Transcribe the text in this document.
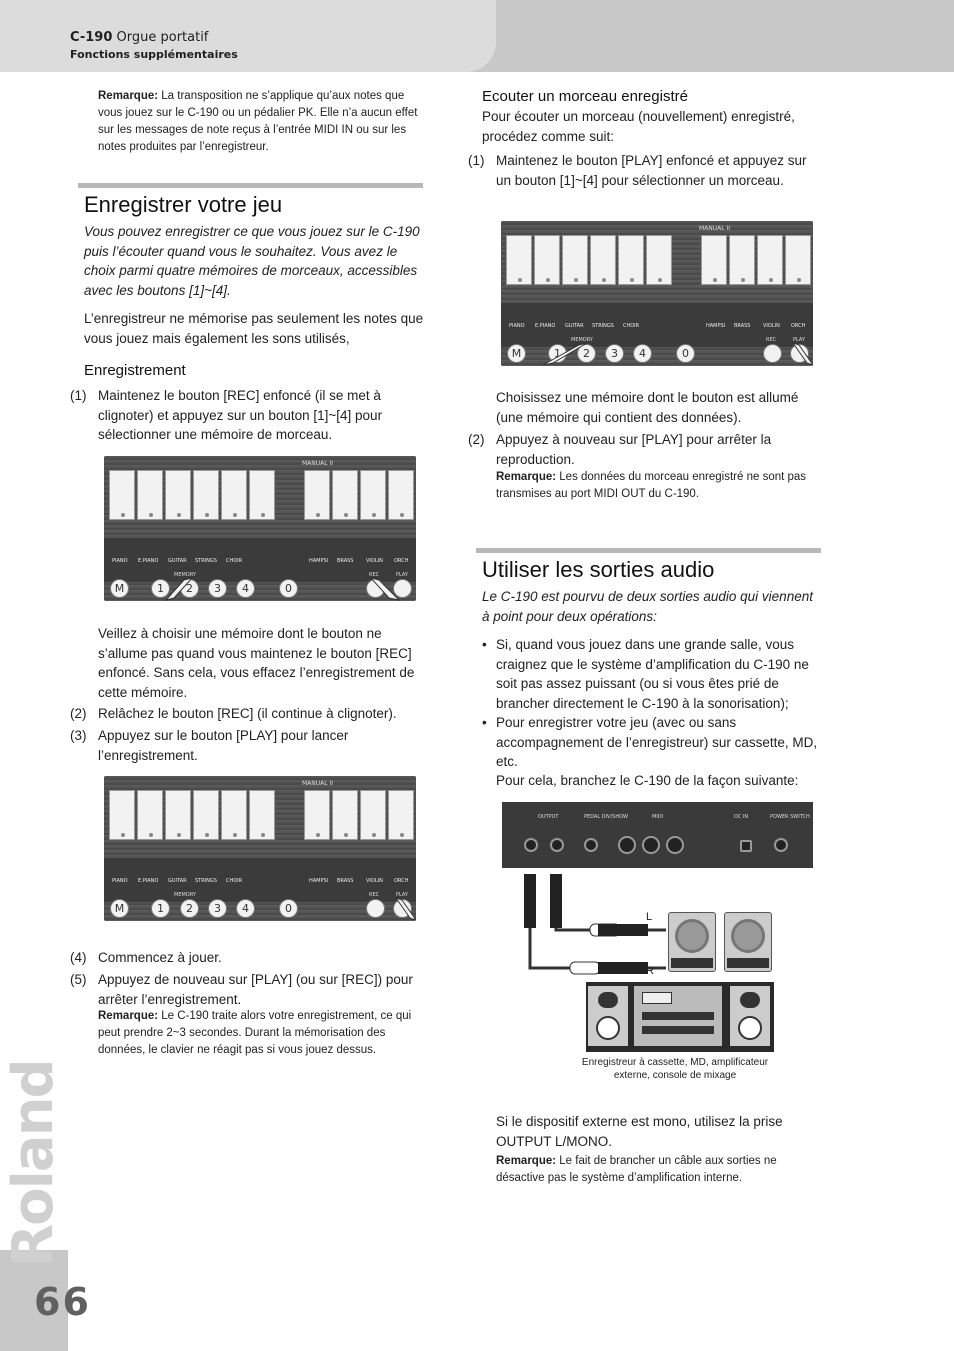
C-190 Orgue portatif
Fonctions supplémentaires
Roland
66
Remarque: La transposition ne s’applique qu’aux notes que vous jouez sur le C-190 ou un pédalier PK. Elle n’a aucun effet sur les messages de note reçus à l’entrée MIDI IN ou sur les notes produites par l’enregistreur.
Enregistrer votre jeu
Vous pouvez enregistrer ce que vous jouez sur le C-190 puis l’écouter quand vous le souhaitez. Vous avez le choix parmi quatre mémoires de morceaux, accessibles avec les boutons [1]~[4].
L’enregistreur ne mémorise pas seulement les notes que vous jouez mais également les sons utilisés,
Enregistrement
(1) Maintenez le bouton [REC] enfoncé (il se met à clignoter) et appuyez sur un bouton [1]~[4] pour sélectionner une mémoire de morceau.
MANUAL II
PIANO E.PIANO GUITAR STRINGS CHOIR	HAMPSI BRASS	VIOLIN ORCH
MEMORY	REC	PLAY
M	1	2	3	4	0
Veillez à choisir une mémoire dont le bouton ne s’allume pas quand vous maintenez le bouton [REC] enfoncé. Sans cela, vous effacez l’enregistrement de cette mémoire.
(2) Relâchez le bouton [REC] (il continue à clignoter).
(3) Appuyez sur le bouton [PLAY] pour lancer l’enregistrement.
MANUAL II
PIANO E.PIANO GUITAR STRINGS CHOIR	HAMPSI BRASS	VIOLIN ORCH
MEMORY	REC	PLAY
M	1	2	3	4	0
(4) Commencez à jouer.
(5) Appuyez de nouveau sur [PLAY] (ou sur [REC]) pour arrêter l’enregistrement.
Remarque: Le C-190 traite alors votre enregistrement, ce qui peut prendre 2~3 secondes. Durant la mémorisation des données, le clavier ne réagit pas si vous jouez dessus.
Ecouter un morceau enregistré
Pour écouter un morceau (nouvellement) enregistré, procédez comme suit:
(1) Maintenez le bouton [PLAY] enfoncé et appuyez sur un bouton [1]~[4] pour sélectionner un morceau.
MANUAL II
PIANO E.PIANO GUITAR STRINGS CHOIR	HAMPSI BRASS	VIOLIN ORCH
MEMORY	REC	PLAY
M	1	2	3	4	0
Choisissez une mémoire dont le bouton est allumé (une mémoire qui contient des données).
(2) Appuyez à nouveau sur [PLAY] pour arrêter la reproduction.
Remarque: Les données du morceau enregistré ne sont pas transmises au port MIDI OUT du C-190.
Utiliser les sorties audio
Le C-190 est pourvu de deux sorties audio qui viennent à point pour deux opérations:
• Si, quand vous jouez dans une grande salle, vous craignez que le système d’amplification du C-190 ne soit pas assez puissant (ou si vous êtes prié de brancher directement le C-190 à la sonorisation);
• Pour enregistrer votre jeu (avec ou sans accompagnement de l’enregistreur) sur cassette, MD, etc.
Pour cela, branchez le C-190 de la façon suivante:
OUTPUT	PEDAL DIV/SHOW	MIDI	DC IN	POWER SWITCH
L
R
Enregistreur à cassette, MD, amplificateur externe, console de mixage
Si le dispositif externe est mono, utilisez la prise OUTPUT L/MONO.
Remarque: Le fait de brancher un câble aux sorties ne désactive pas le système d’amplification interne.
